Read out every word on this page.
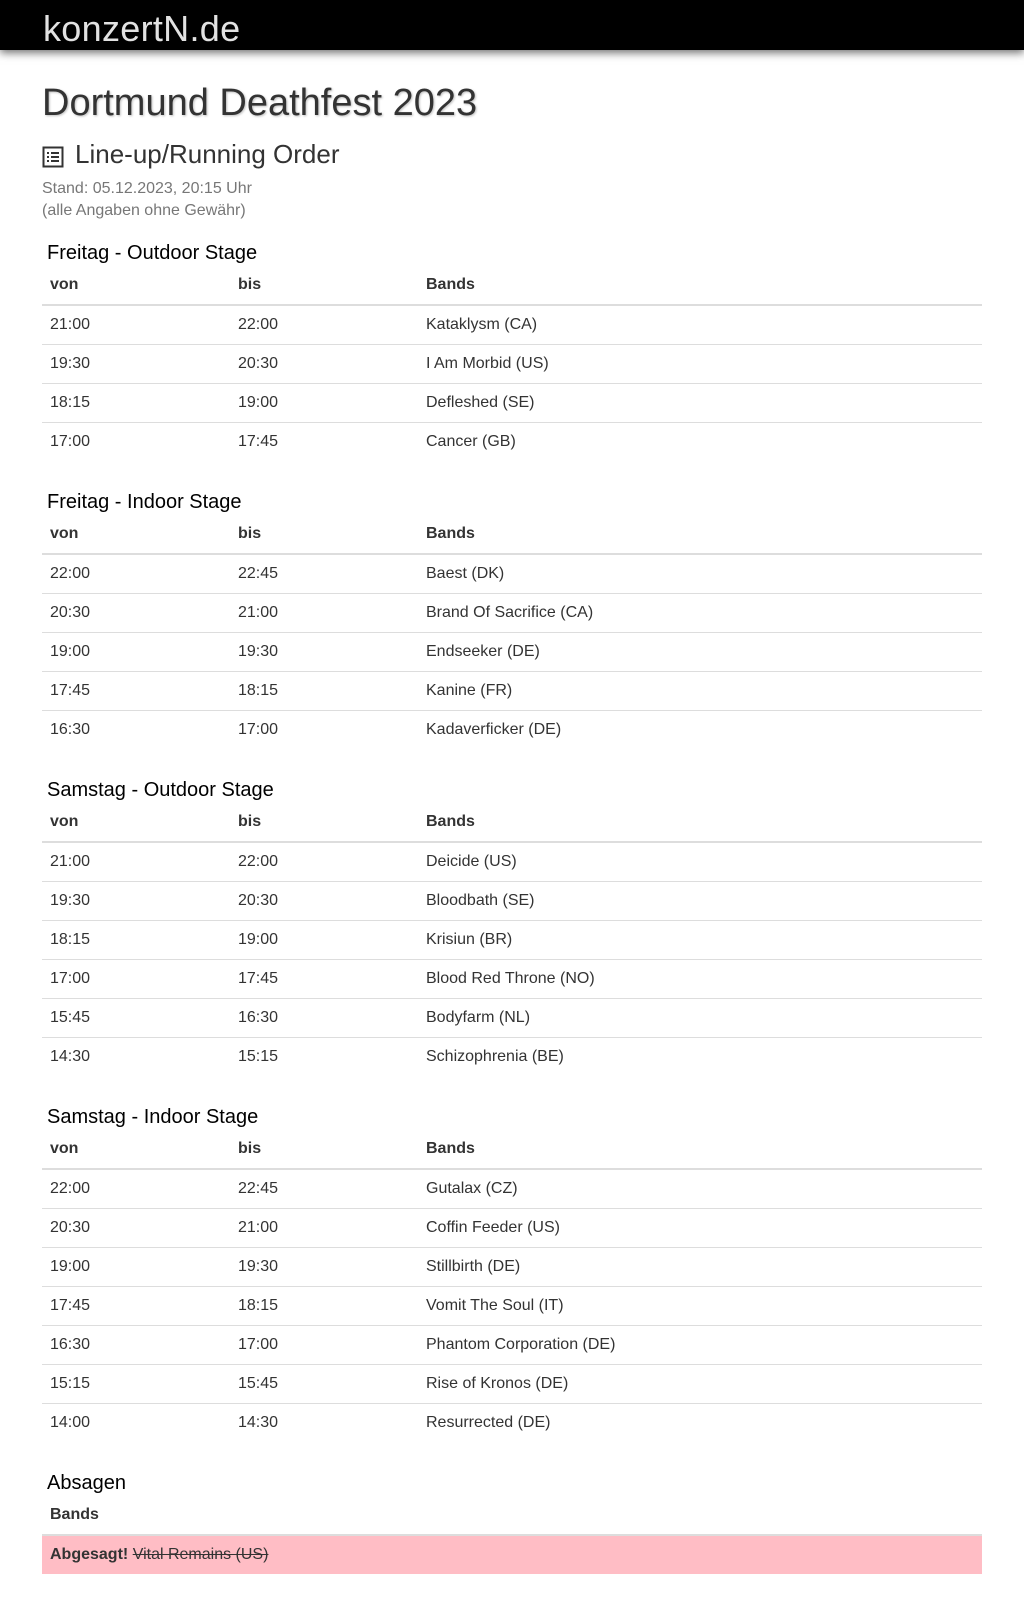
konzertN.de
Dortmund Deathfest 2023
Line-up/Running Order
Stand: 05.12.2023, 20:15 Uhr
(alle Angaben ohne Gewähr)
Freitag - Outdoor Stage
von	bis	Bands
21:00	22:00	Kataklysm (CA)
19:30	20:30	I Am Morbid (US)
18:15	19:00	Defleshed (SE)
17:00	17:45	Cancer (GB)
Freitag - Indoor Stage
von	bis	Bands
22:00	22:45	Baest (DK)
20:30	21:00	Brand Of Sacrifice (CA)
19:00	19:30	Endseeker (DE)
17:45	18:15	Kanine (FR)
16:30	17:00	Kadaverficker (DE)
Samstag - Outdoor Stage
von	bis	Bands
21:00	22:00	Deicide (US)
19:30	20:30	Bloodbath (SE)
18:15	19:00	Krisiun (BR)
17:00	17:45	Blood Red Throne (NO)
15:45	16:30	Bodyfarm (NL)
14:30	15:15	Schizophrenia (BE)
Samstag - Indoor Stage
von	bis	Bands
22:00	22:45	Gutalax (CZ)
20:30	21:00	Coffin Feeder (US)
19:00	19:30	Stillbirth (DE)
17:45	18:15	Vomit The Soul (IT)
16:30	17:00	Phantom Corporation (DE)
15:15	15:45	Rise of Kronos (DE)
14:00	14:30	Resurrected (DE)
Absagen
Bands
Abgesagt! Vital Remains (US)
